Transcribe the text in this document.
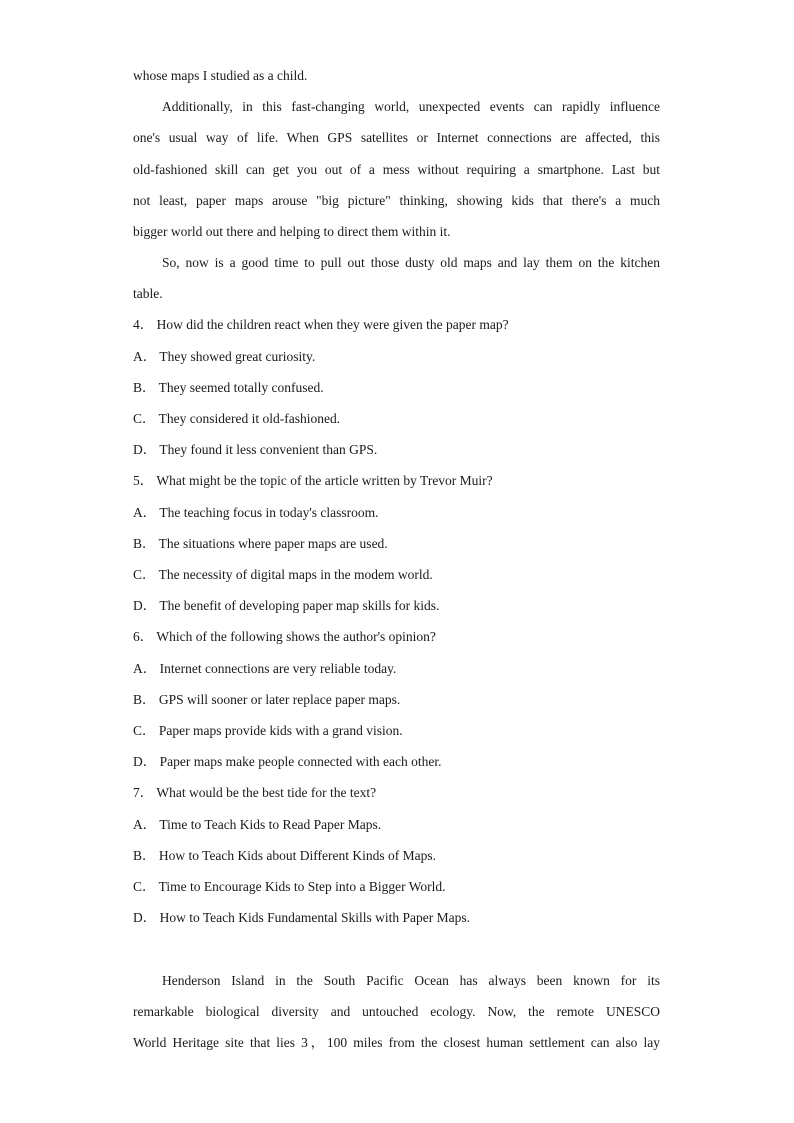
whose maps I studied as a child.
Additionally, in this fast-changing world, unexpected events can rapidly influence
one's usual way of life. When GPS satellites or Internet connections are affected, this
old-fashioned skill can get you out of a mess without requiring a smartphone. Last but
not least, paper maps arouse "big picture" thinking, showing kids that there's a much
bigger world out there and helping to direct them within it.
So, now is a good time to pull out those dusty old maps and lay them on the kitchen
table.
4． How did the children react when they were given the paper map?
A． They showed great curiosity.
B． They seemed totally confused.
C． They considered it old-fashioned.
D． They found it less convenient than GPS.
5． What might be the topic of the article written by Trevor Muir?
A． The teaching focus in today's classroom.
B． The situations where paper maps are used.
C． The necessity of digital maps in the modem world.
D． The benefit of developing paper map skills for kids.
6． Which of the following shows the author's opinion?
A． Internet connections are very reliable today.
B． GPS will sooner or later replace paper maps.
C． Paper maps provide kids with a grand vision.
D． Paper maps make people connected with each other.
7． What would be the best tide for the text?
A． Time to Teach Kids to Read Paper Maps.
B． How to Teach Kids about Different Kinds of Maps.
C． Time to Encourage Kids to Step into a Bigger World.
D． How to Teach Kids Fundamental Skills with Paper Maps.
Henderson Island in the South Pacific Ocean has always been known for its
remarkable biological diversity and untouched ecology. Now, the remote UNESCO
World Heritage site that lies 3，100 miles from the closest human settlement can also lay
